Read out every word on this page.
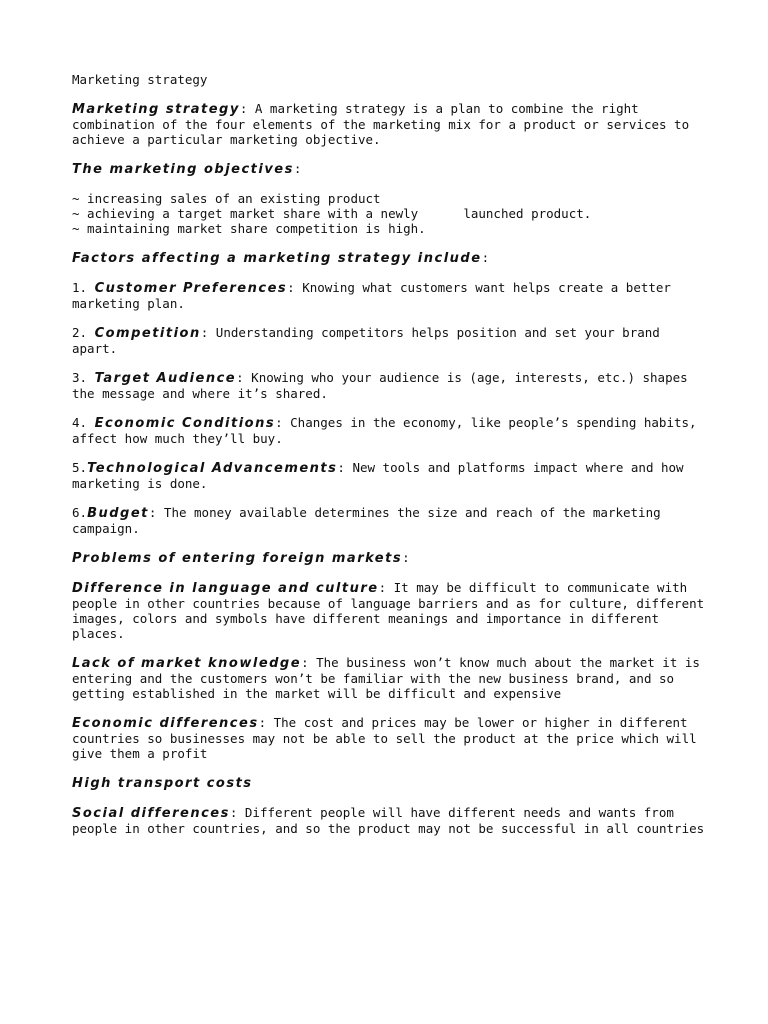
Marketing strategy

Marketing strategy: A marketing strategy is a plan to combine the right combination of the four elements of the marketing mix for a product or services to achieve a particular marketing objective.

The marketing objectives:

~ increasing sales of an existing product
~ achieving a target market share with a newly      launched product.
~ maintaining market share competition is high.

Factors affecting a marketing strategy include:

1. Customer Preferences: Knowing what customers want helps create a better marketing plan.

2. Competition: Understanding competitors helps position and set your brand apart.

3. Target Audience: Knowing who your audience is (age, interests, etc.) shapes the message and where it’s shared.

4. Economic Conditions: Changes in the economy, like people’s spending habits, affect how much they’ll buy.

5.Technological Advancements: New tools and platforms impact where and how marketing is done.

6.Budget: The money available determines the size and reach of the marketing campaign.

Problems of entering foreign markets:

Difference in language and culture: It may be difficult to communicate with people in other countries because of language barriers and as for culture, different images, colors and symbols have different meanings and importance in different places.

Lack of market knowledge: The business won’t know much about the market it is entering and the customers won’t be familiar with the new business brand, and so getting established in the market will be difficult and expensive

Economic differences: The cost and prices may be lower or higher in different countries so businesses may not be able to sell the product at the price which will give them a profit

High transport costs

Social differences: Different people will have different needs and wants from people in other countries, and so the product may not be successful in all countries
